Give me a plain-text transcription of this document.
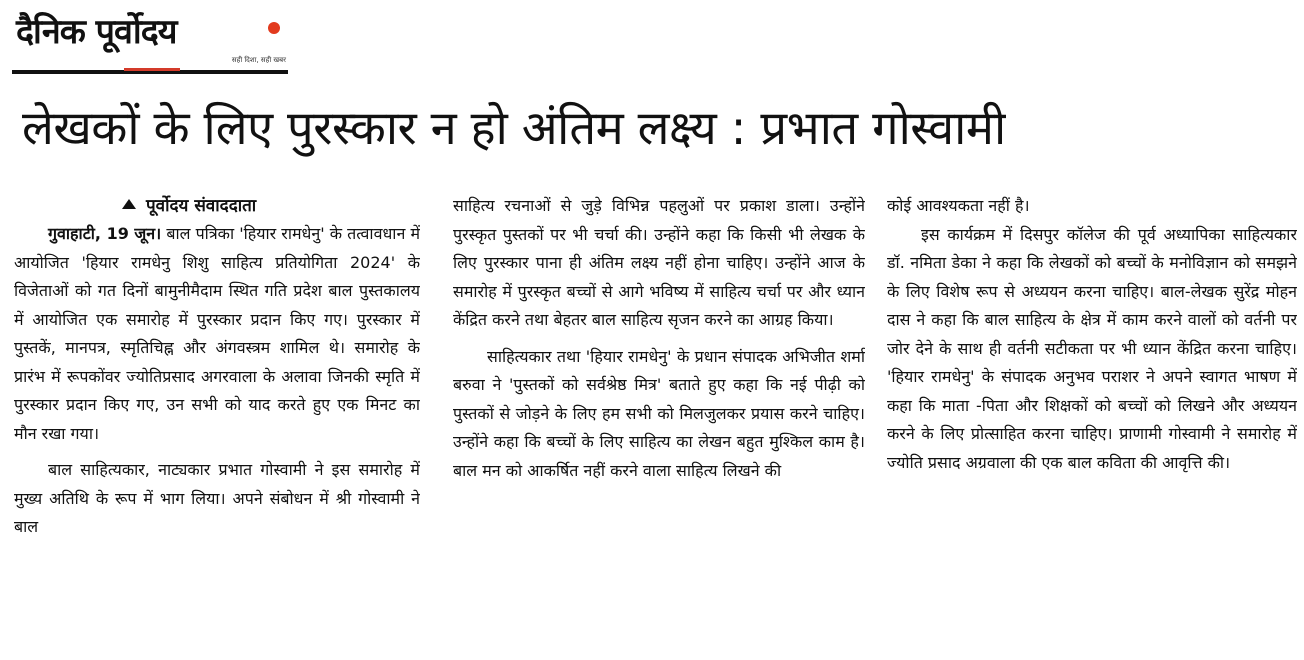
दैनिक पूर्वोदय
सही दिशा, सही खबर
लेखकों के लिए पुरस्कार न हो अंतिम लक्ष्य : प्रभात गोस्वामी
पूर्वोदय संवाददाता

गुवाहाटी, 19 जून। बाल पत्रिका 'हियार रामधेनु' के तत्वावधान में आयोजित 'हियार रामधेनु शिशु साहित्य प्रतियोगिता 2024' के विजेताओं को गत दिनों बामुनीमैदाम स्थित गति प्रदेश बाल पुस्तकालय में आयोजित एक समारोह में पुरस्कार प्रदान किए गए। पुरस्कार में पुस्तकें, मानपत्र, स्मृतिचिह्न और अंगवस्त्रम शामिल थे। समारोह के प्रारंभ में रूपकोंवर ज्योतिप्रसाद अगरवाला के अलावा जिनकी स्मृति में पुरस्कार प्रदान किए गए, उन सभी को याद करते हुए एक मिनट का मौन रखा गया।

बाल साहित्यकार, नाट्यकार प्रभात गोस्वामी ने इस समारोह में मुख्य अतिथि के रूप में भाग लिया। अपने संबोधन में श्री गोस्वामी ने बाल

साहित्य रचनाओं से जुड़े विभिन्न पहलुओं पर प्रकाश डाला। उन्होंने पुरस्कृत पुस्तकों पर भी चर्चा की। उन्होंने कहा कि किसी भी लेखक के लिए पुरस्कार पाना ही अंतिम लक्ष्य नहीं होना चाहिए। उन्होंने आज के समारोह में पुरस्कृत बच्चों से आगे भविष्य में साहित्य चर्चा पर और ध्यान केंद्रित करने तथा बेहतर बाल साहित्य सृजन करने का आग्रह किया।

साहित्यकार तथा 'हियार रामधेनु' के प्रधान संपादक अभिजीत शर्मा बरुवा ने 'पुस्तकों को सर्वश्रेष्ठ मित्र' बताते हुए कहा कि नई पीढ़ी को पुस्तकों से जोड़ने के लिए हम सभी को मिलजुलकर प्रयास करने चाहिए। उन्होंने कहा कि बच्चों के लिए साहित्य का लेखन बहुत मुश्किल काम है। बाल मन को आकर्षित नहीं करने वाला साहित्य लिखने की

कोई आवश्यकता नहीं है।

इस कार्यक्रम में दिसपुर कॉलेज की पूर्व अध्यापिका साहित्यकार डॉ. नमिता डेका ने कहा कि लेखकों को बच्चों के मनोविज्ञान को समझने के लिए विशेष रूप से अध्ययन करना चाहिए। बाल-लेखक सुरेंद्र मोहन दास ने कहा कि बाल साहित्य के क्षेत्र में काम करने वालों को वर्तनी पर जोर देने के साथ ही वर्तनी सटीकता पर भी ध्यान केंद्रित करना चाहिए। 'हियार रामधेनु' के संपादक अनुभव पराशर ने अपने स्वागत भाषण में कहा कि माता -पिता और शिक्षकों को बच्चों को लिखने और अध्ययन करने के लिए प्रोत्साहित करना चाहिए। प्राणामी गोस्वामी ने समारोह में ज्योति प्रसाद अग्रवाला की एक बाल कविता की आवृत्ति की।
